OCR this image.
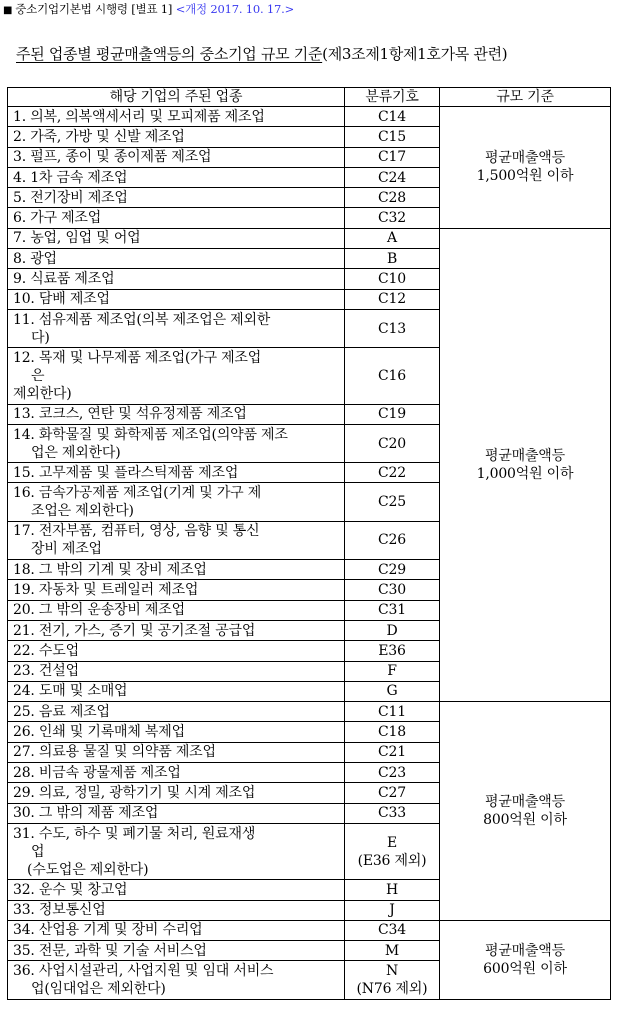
■ 중소기업기본법 시행령 [별표 1] <개정 2017. 10. 17.>
주된 업종별 평균매출액등의 중소기업 규모 기준(제3조제1항제1호가목 관련)
해당 기업의 주된 업종	분류기호	규모 기준

1. 의복, 의복액세서리 및 모피제품 제조업	C14	평균매출액등
1,500억원 이하

2. 가죽, 가방 및 신발 제조업	C15	

3. 펄프, 종이 및 종이제품 제조업	C17	

4. 1차 금속 제조업	C24	

5. 전기장비 제조업	C28	

6. 가구 제조업	C32	

7. 농업, 임업 및 어업	A	평균매출액등
1,000억원 이하

8. 광업	B	

9. 식료품 제조업	C10	

10. 담배 제조업	C12	

11. 섬유제품 제조업(의복 제조업은 제외한
다)	C13	

12. 목재 및 나무제품 제조업(가구 제조업
은
제외한다)	C16	

13. 코크스, 연탄 및 석유정제품 제조업	C19	

14. 화학물질 및 화학제품 제조업(의약품 제조
업은 제외한다)	C20	

15. 고무제품 및 플라스틱제품 제조업	C22	

16. 금속가공제품 제조업(기계 및 가구 제
조업은 제외한다)	C25	

17. 전자부품, 컴퓨터, 영상, 음향 및 통신
장비 제조업	C26	

18. 그 밖의 기계 및 장비 제조업	C29	

19. 자동차 및 트레일러 제조업	C30	

20. 그 밖의 운송장비 제조업	C31	

21. 전기, 가스, 증기 및 공기조절 공급업	D	

22. 수도업	E36	

23. 건설업	F	

24. 도매 및 소매업	G	

25. 음료 제조업	C11	평균매출액등
800억원 이하

26. 인쇄 및 기록매체 복제업	C18	

27. 의료용 물질 및 의약품 제조업	C21	

28. 비금속 광물제품 제조업	C23	

29. 의료, 정밀, 광학기기 및 시계 제조업	C27	

30. 그 밖의 제품 제조업	C33	

31. 수도, 하수 및 폐기물 처리, 원료재생
업
(수도업은 제외한다)	E
(E36 제외)	

32. 운수 및 창고업	H	

33. 정보통신업	J	

34. 산업용 기계 및 장비 수리업	C34	평균매출액등
600억원 이하

35. 전문, 과학 및 기술 서비스업	M	

36. 사업시설관리, 사업지원 및 임대 서비스
업(임대업은 제외한다)	N
(N76 제외)	
